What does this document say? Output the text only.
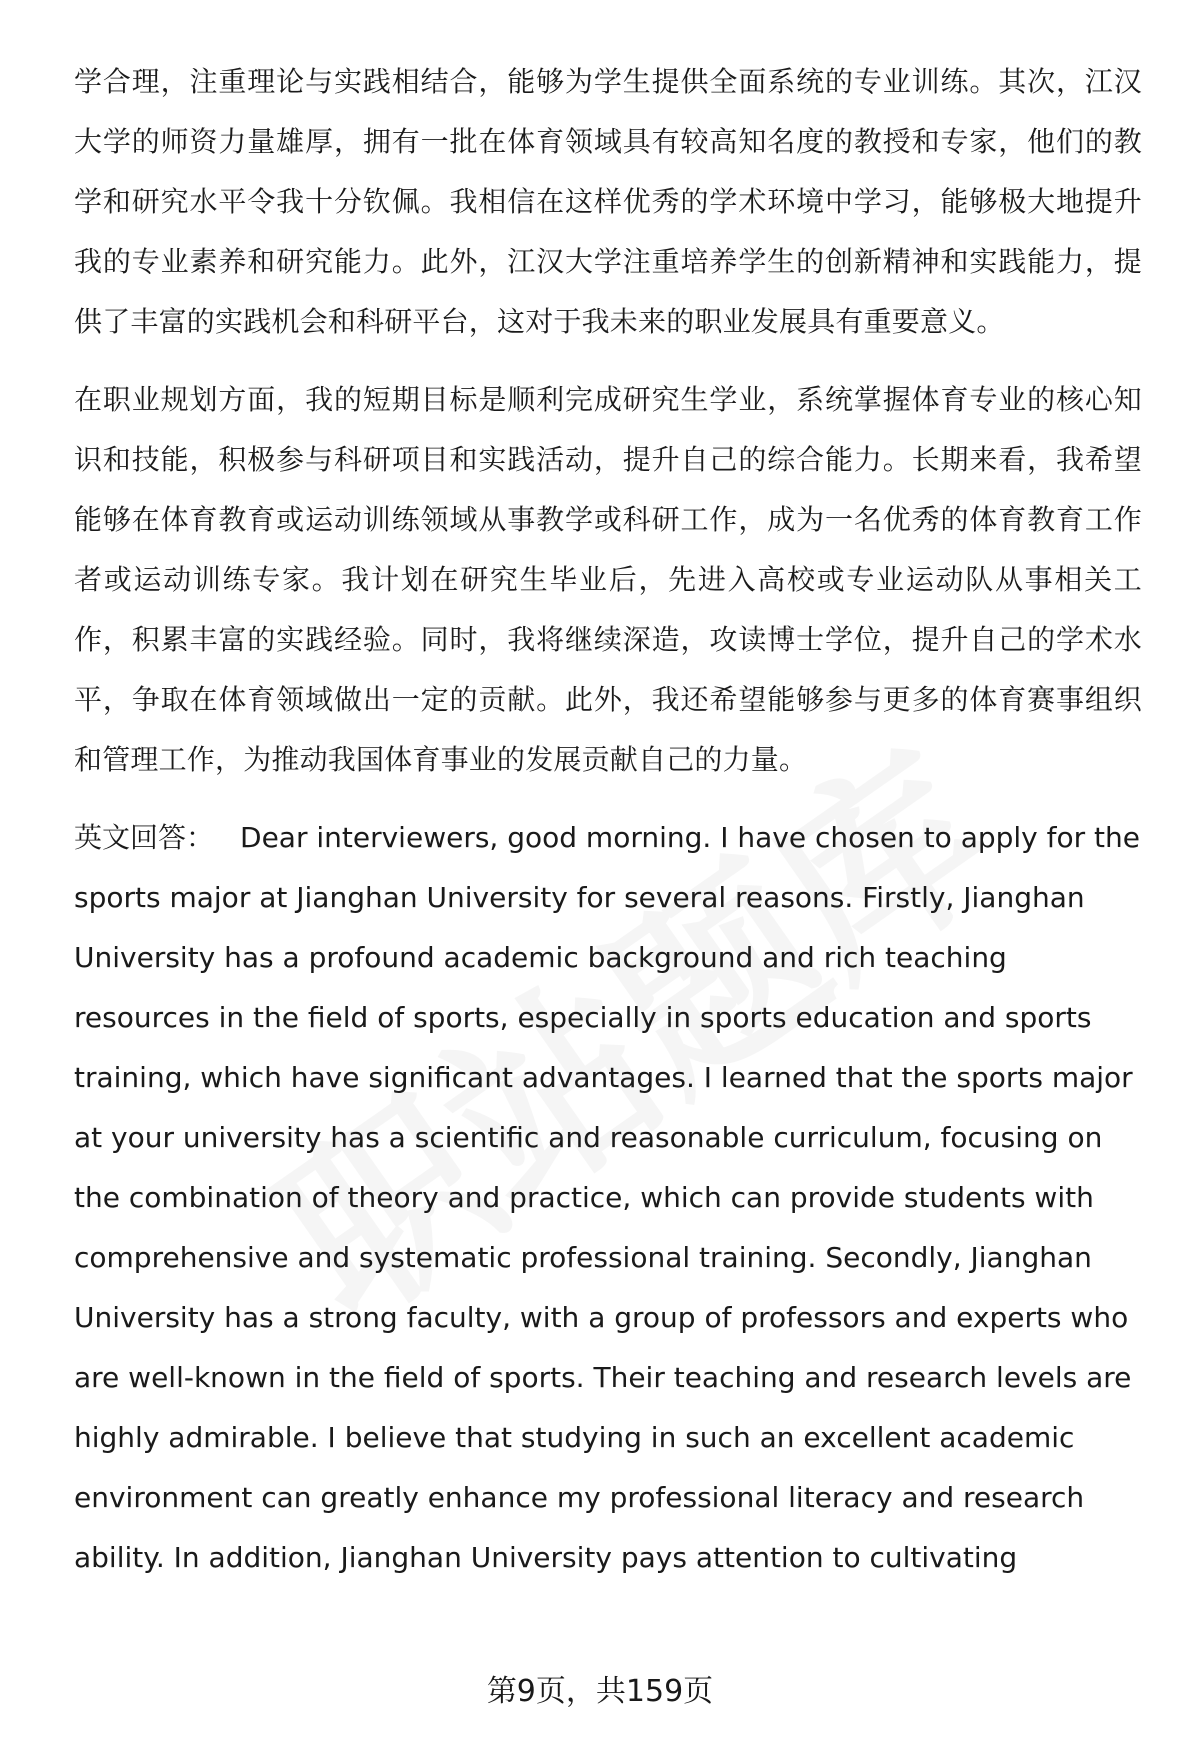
学合理，注重理论与实践相结合，能够为学生提供全面系统的专业训练。其次，江汉大学的师资力量雄厚，拥有一批在体育领域具有较高知名度的教授和专家，他们的教学和研究水平令我十分钦佩。我相信在这样优秀的学术环境中学习，能够极大地提升我的专业素养和研究能力。此外，江汉大学注重培养学生的创新精神和实践能力，提供了丰富的实践机会和科研平台，这对于我未来的职业发展具有重要意义。

在职业规划方面，我的短期目标是顺利完成研究生学业，系统掌握体育专业的核心知识和技能，积极参与科研项目和实践活动，提升自己的综合能力。长期来看，我希望能够在体育教育或运动训练领域从事教学或科研工作，成为一名优秀的体育教育工作者或运动训练专家。我计划在研究生毕业后，先进入高校或专业运动队从事相关工作，积累丰富的实践经验。同时，我将继续深造，攻读博士学位，提升自己的学术水平，争取在体育领域做出一定的贡献。此外，我还希望能够参与更多的体育赛事组织和管理工作，为推动我国体育事业的发展贡献自己的力量。

英文回答： Dear interviewers, good morning. I have chosen to apply for the sports major at Jianghan University for several reasons. Firstly, Jianghan University has a profound academic background and rich teaching resources in the field of sports, especially in sports education and sports training, which have significant advantages. I learned that the sports major at your university has a scientific and reasonable curriculum, focusing on the combination of theory and practice, which can provide students with comprehensive and systematic professional training. Secondly, Jianghan University has a strong faculty, with a group of professors and experts who are well-known in the field of sports. Their teaching and research levels are highly admirable. I believe that studying in such an excellent academic environment can greatly enhance my professional literacy and research ability. In addition, Jianghan University pays attention to cultivating

第9页，共159页
